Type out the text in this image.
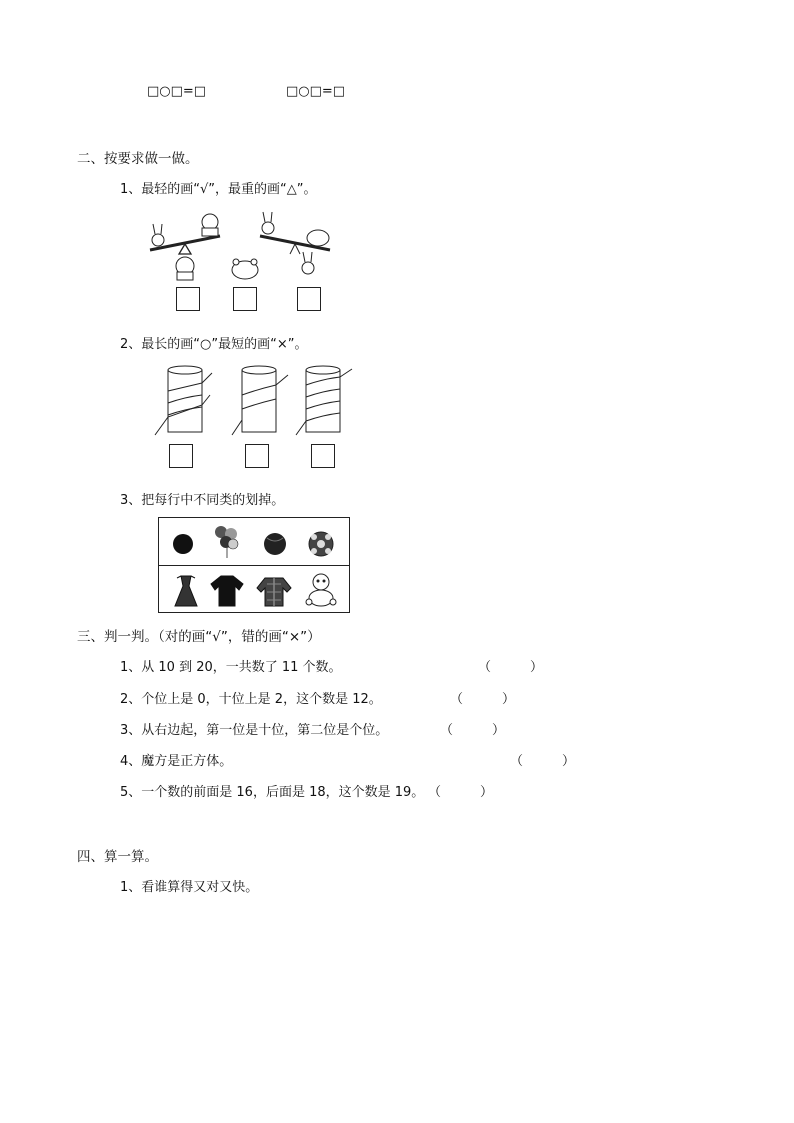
□○□=□	□○□=□
二、按要求做一做。
1、最轻的画“√”，最重的画“△”。
2、最长的画“○”最短的画“×”。
3、把每行中不同类的划掉。
三、判一判。（对的画“√”，错的画“×”）
1、从 10 到 20，一共数了 11 个数。	（　　　）
2、个位上是 0，十位上是 2，这个数是 12。	（　　　）
3、从右边起，第一位是十位，第二位是个位。	（　　　）
4、魔方是正方体。	（　　　）
5、一个数的前面是 16，后面是 18，这个数是 19。 （　　　）
四、算一算。
1、看谁算得又对又快。
